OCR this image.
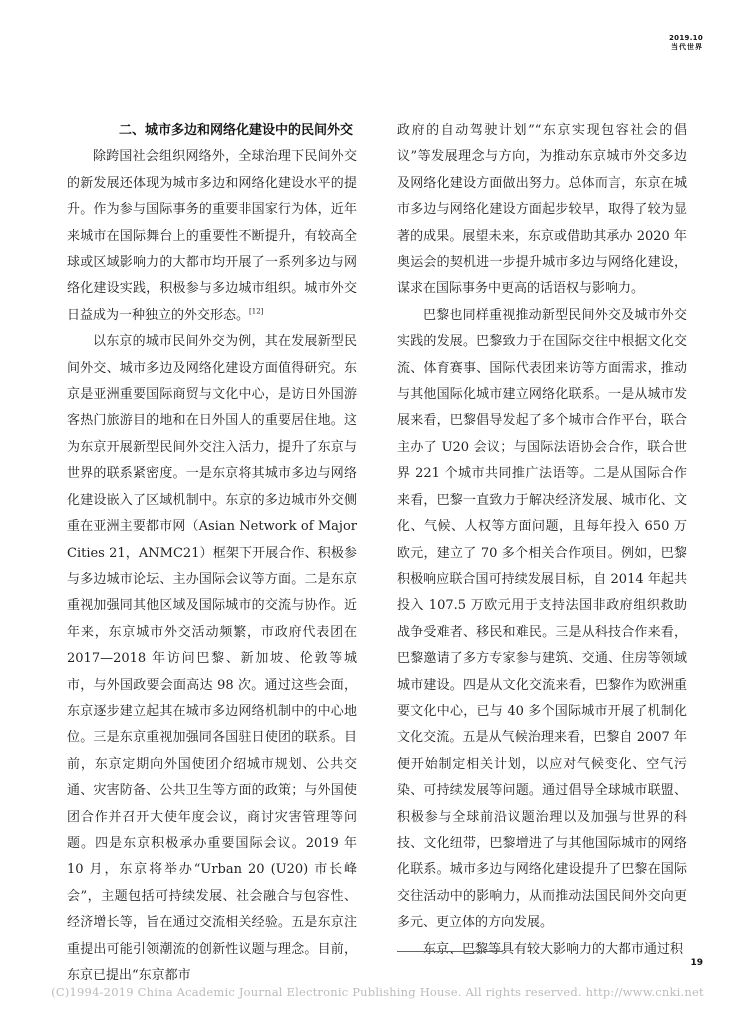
2019.10
当代世界

二、城市多边和网络化建设中的民间外交

除跨国社会组织网络外，全球治理下民间外交的新发展还体现为城市多边和网络化建设水平的提升。作为参与国际事务的重要非国家行为体，近年来城市在国际舞台上的重要性不断提升，有较高全球或区域影响力的大都市均开展了一系列多边与网络化建设实践，积极参与多边城市组织。城市外交日益成为一种独立的外交形态。[12]

以东京的城市民间外交为例，其在发展新型民间外交、城市多边及网络化建设方面值得研究。东京是亚洲重要国际商贸与文化中心，是访日外国游客热门旅游目的地和在日外国人的重要居住地。这为东京开展新型民间外交注入活力，提升了东京与世界的联系紧密度。一是东京将其城市多边与网络化建设嵌入了区域机制中。东京的多边城市外交侧重在亚洲主要都市网（Asian Network of Major Cities 21，ANMC21）框架下开展合作、积极参与多边城市论坛、主办国际会议等方面。二是东京重视加强同其他区域及国际城市的交流与协作。近年来，东京城市外交活动频繁，市政府代表团在2017—2018 年访问巴黎、新加坡、伦敦等城市，与外国政要会面高达 98 次。通过这些会面，东京逐步建立起其在城市多边网络机制中的中心地位。三是东京重视加强同各国驻日使团的联系。目前，东京定期向外国使团介绍城市规划、公共交通、灾害防备、公共卫生等方面的政策；与外国使团合作并召开大使年度会议，商讨灾害管理等问题。四是东京积极承办重要国际会议。2019 年 10 月，东京将举办“Urban 20 (U20) 市长峰会”，主题包括可持续发展、社会融合与包容性、经济增长等，旨在通过交流相关经验。五是东京注重提出可能引领潮流的创新性议题与理念。目前，东京已提出“东京都市

政府的自动驾驶计划”“东京实现包容社会的倡议”等发展理念与方向，为推动东京城市外交多边及网络化建设方面做出努力。总体而言，东京在城市多边与网络化建设方面起步较早，取得了较为显著的成果。展望未来，东京或借助其承办 2020 年奥运会的契机进一步提升城市多边与网络化建设，谋求在国际事务中更高的话语权与影响力。

巴黎也同样重视推动新型民间外交及城市外交实践的发展。巴黎致力于在国际交往中根据文化交流、体育赛事、国际代表团来访等方面需求，推动与其他国际化城市建立网络化联系。一是从城市发展来看，巴黎倡导发起了多个城市合作平台，联合主办了 U20 会议；与国际法语协会合作，联合世界 221 个城市共同推广法语等。二是从国际合作来看，巴黎一直致力于解决经济发展、城市化、文化、气候、人权等方面问题，且每年投入 650 万欧元，建立了 70 多个相关合作项目。例如，巴黎积极响应联合国可持续发展目标，自 2014 年起共投入 107.5 万欧元用于支持法国非政府组织救助战争受难者、移民和难民。三是从科技合作来看，巴黎邀请了多方专家参与建筑、交通、住房等领域城市建设。四是从文化交流来看，巴黎作为欧洲重要文化中心，已与 40 多个国际城市开展了机制化文化交流。五是从气候治理来看，巴黎自 2007 年便开始制定相关计划，以应对气候变化、空气污染、可持续发展等问题。通过倡导全球城市联盟、积极参与全球前沿议题治理以及加强与世界的科技、文化纽带，巴黎增进了与其他国际城市的网络化联系。城市多边与网络化建设提升了巴黎在国际交往活动中的影响力，从而推动法国民间外交向更多元、更立体的方向发展。

东京、巴黎等具有较大影响力的大都市通过积

19
(C)1994-2019 China Academic Journal Electronic Publishing House. All rights reserved. http://www.cnki.net
